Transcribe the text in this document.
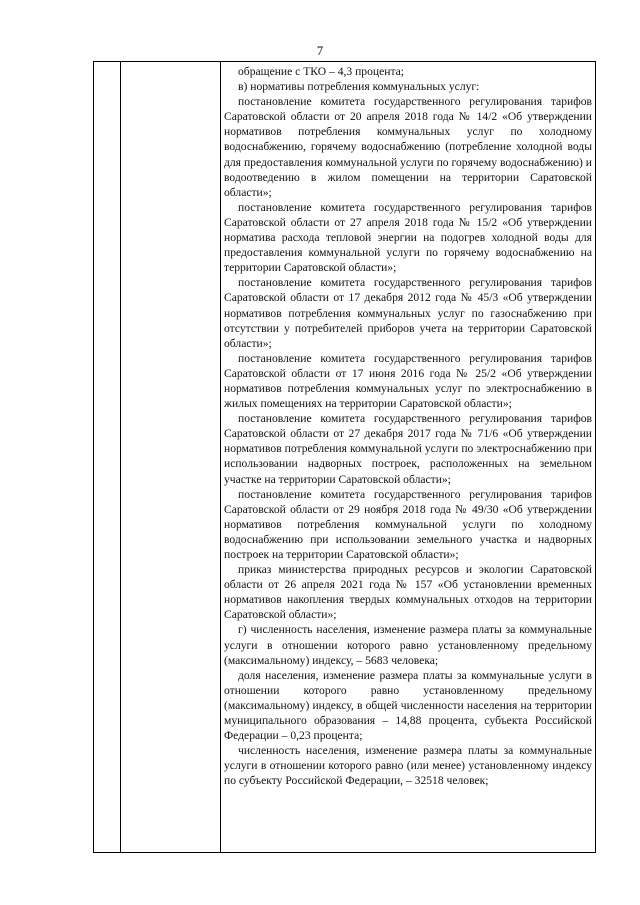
7

обращение с ТКО – 4,3 процента;

в) нормативы потребления коммунальных услуг:

постановление комитета государственного регулирования тарифов Саратовской области от 20 апреля 2018 года № 14/2 «Об утверждении нормативов потребления коммунальных услуг по холодному водоснабжению, горячему водоснабжению (потребление холодной воды для предоставления коммунальной услуги по горячему водоснабжению) и водоотведению в жилом помещении на территории Саратовской области»;

постановление комитета государственного регулирования тарифов Саратовской области от 27 апреля 2018 года № 15/2 «Об утверждении норматива расхода тепловой энергии на подогрев холодной воды для предоставления коммунальной услуги по горячему водоснабжению на территории Саратовской области»;

постановление комитета государственного регулирования тарифов Саратовской области от 17 декабря 2012 года № 45/3 «Об утверждении нормативов потребления коммунальных услуг по газоснабжению при отсутствии у потребителей приборов учета на территории Саратовской области»;

постановление комитета государственного регулирования тарифов Саратовской области от 17 июня 2016 года № 25/2 «Об утверждении нормативов потребления коммунальных услуг по электроснабжению в жилых помещениях на территории Саратовской области»;

постановление комитета государственного регулирования тарифов Саратовской области от 27 декабря 2017 года № 71/6 «Об утверждении нормативов потребления коммунальной услуги по электроснабжению при использовании надворных построек, расположенных на земельном участке на территории Саратовской области»;

постановление комитета государственного регулирования тарифов Саратовской области от 29 ноября 2018 года № 49/30 «Об утверждении нормативов потребления коммунальной услуги по холодному водоснабжению при использовании земельного участка и надворных построек на территории Саратовской области»;

приказ министерства природных ресурсов и экологии Саратовской области от 26 апреля 2021 года № 157 «Об установлении временных нормативов накопления твердых коммунальных отходов на территории Саратовской области»;

г) численность населения, изменение размера платы за коммунальные услуги в отношении которого равно установленному предельному (максимальному) индексу, – 5683 человека;

доля населения, изменение размера платы за коммунальные услуги в отношении которого равно установленному предельному (максимальному) индексу, в общей численности населения на территории муниципального образования – 14,88 процента, субъекта Российской Федерации – 0,23 процента;

численность населения, изменение размера платы за коммунальные услуги в отношении которого равно (или менее) установленному индексу по субъекту Российской Федерации, – 32518 человек;
